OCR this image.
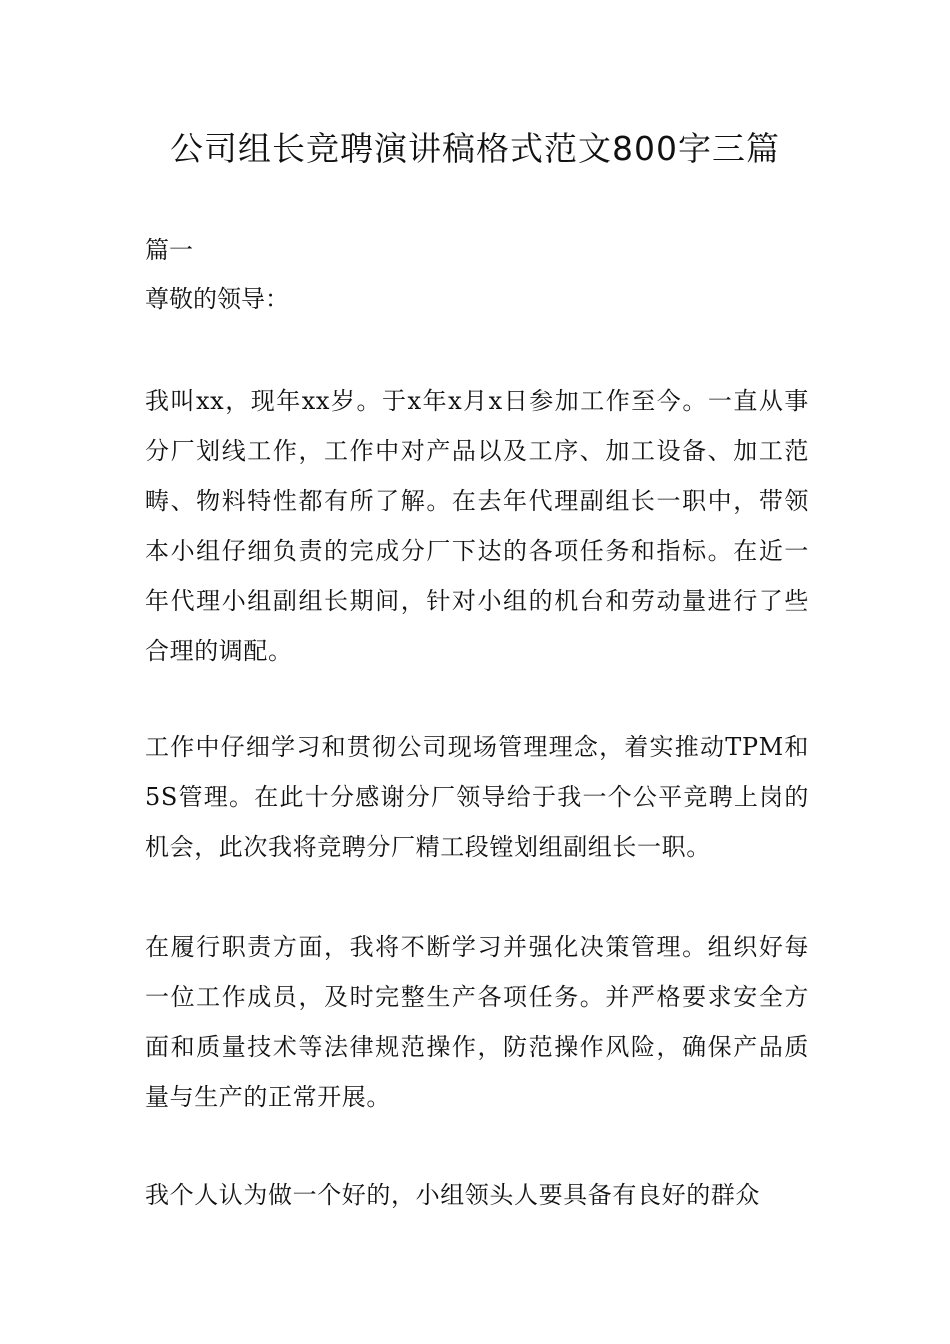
公司组长竞聘演讲稿格式范文800字三篇

篇一

尊敬的领导：

我叫xx，现年xx岁。于x年x月x日参加工作至今。一直从事分厂划线工作，工作中对产品以及工序、加工设备、加工范畴、物料特性都有所了解。在去年代理副组长一职中，带领本小组仔细负责的完成分厂下达的各项任务和指标。在近一年代理小组副组长期间，针对小组的机台和劳动量进行了些合理的调配。

工作中仔细学习和贯彻公司现场管理理念，着实推动TPM和5S管理。在此十分感谢分厂领导给于我一个公平竞聘上岗的机会，此次我将竞聘分厂精工段镗划组副组长一职。

在履行职责方面，我将不断学习并强化决策管理。组织好每一位工作成员，及时完整生产各项任务。并严格要求安全方面和质量技术等法律规范操作，防范操作风险，确保产品质量与生产的正常开展。

我个人认为做一个好的，小组领头人要具备有良好的群众
